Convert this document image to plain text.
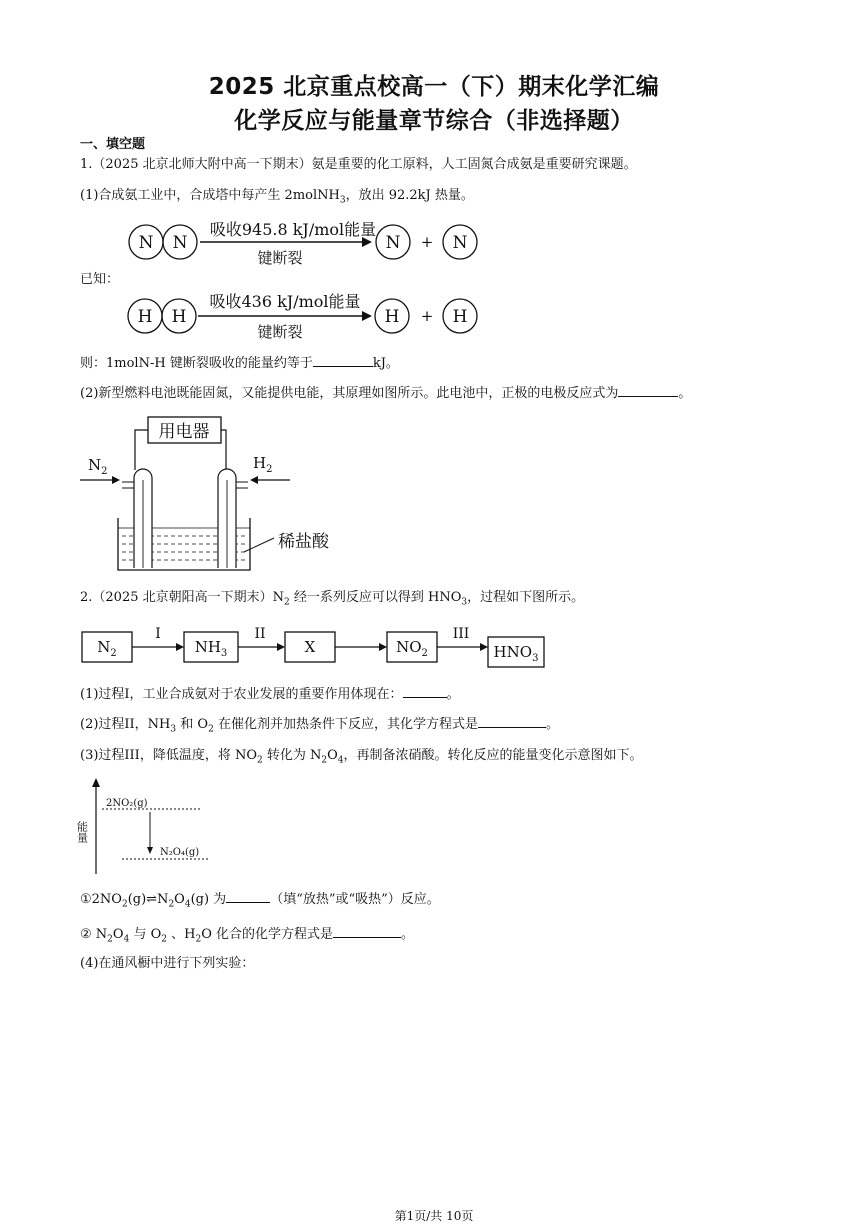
2025 北京重点校高一（下）期末化学汇编
化学反应与能量章节综合（非选择题）
一、填空题
1.（2025 北京北师大附中高一下期末）氨是重要的化工原料，人工固氮合成氨是重要研究课题。
(1)合成氨工业中，合成塔中每产生 2molNH$_3$，放出 92.2kJ 热量。
N N
吸收945.8 kJ/mol能量
键断裂
N + N
已知：
H H
吸收436 kJ/mol能量
键断裂
H + H
则：1molN-H 键断裂吸收的能量约等于	kJ。
(2)新型燃料电池既能固氮，又能提供电能，其原理如图所示。此电池中，正极的电极反应式为	。
用电器
$N_2$	$H_2$
稀盐酸
2.（2025 北京朝阳高一下期末）$N_2$ 经一系列反应可以得到 $HNO_3$，过程如下图所示。
$N_2$
I
$NH_3$
II
X	$NO_2$
III
$HNO_3$
(1)过程I，工业合成氨对于农业发展的重要作用体现在：	。
(2)过程II，$NH_3$ 和 $O_2$ 在催化剂并加热条件下反应，其化学方程式是	。
(3)过程III，降低温度，将 $NO_2$ 转化为 $N_2O_4$，再制备浓硝酸。转化反应的能量变化示意图如下。
能量
2NO₂(g)
N₂O₄(g)
$①2NO_2(g)\rightleftharpoons N_2O_4(g)$ 为	（填“放热”或“吸热”）反应。
② $N_2O_4$ 与 $O_2$ 、$H_2O$ 化合的化学方程式是	。
(4)在通风橱中进行下列实验：
第1页/共 10页
